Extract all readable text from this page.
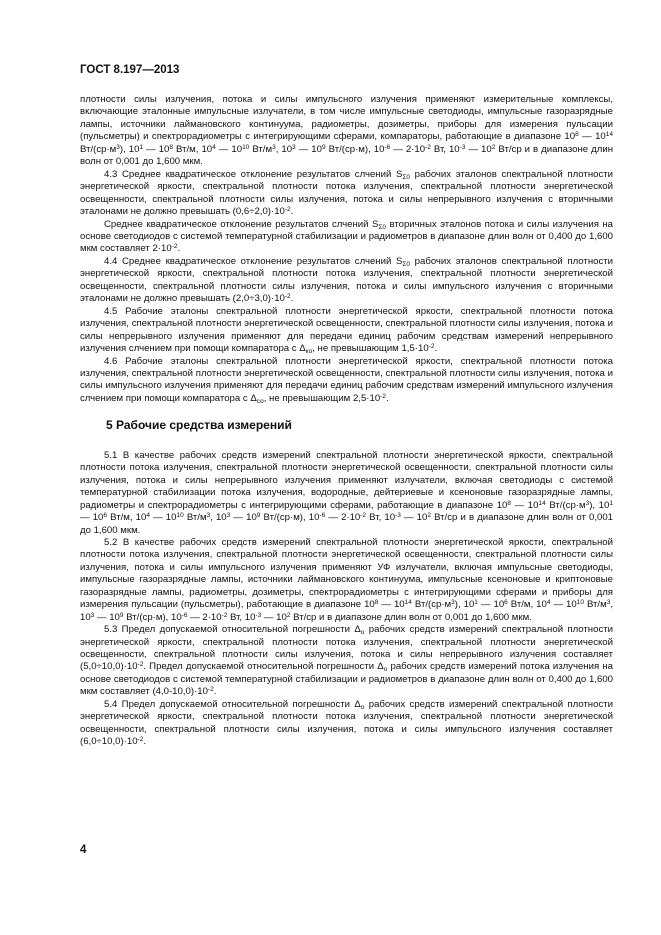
ГОСТ 8.197—2013

плотности силы излучения, потока и силы импульсного излучения применяют измерительные комплексы, включающие эталонные импульсные излучатели, в том числе импульсные светодиоды, импульсные газоразрядные лампы, источники лаймановского континуума, радиометры, дозиметры, приборы для измерения пульсации (пульсметры) и спектрорадиометры с интегрирующими сферами, компараторы, работающие в диапазоне $10^8$ — $10^{14}$ $Вт/(ср\cdot м^3)$, $10^1$ — $10^8$ Вт/м, $10^4$ — $10^{10}$ $Вт/м^3$, $10^3$ — $10^9$ Вт/(ср·м), $10^{-6}$ — $2\cdot 10^{-2}$ Вт, $10^{-3}$ — $10^2$ Вт/ср и в диапазоне длин волн от 0,001 до 1,600 мкм.

4.3 Среднее квадратическое отклонение результатов слчений $S_{\Sigma 0}$ рабочих эталонов спектральной плотности энергетической яркости, спектральной плотности потока излучения, спектральной плотности энергетической освещенности, спектральной плотности силы излучения, потока и силы непрерывного излучения с вторичными эталонами не должно превышать $(0,6\div 2,0)\cdot 10^{-2}$.

Среднее квадратическое отклонение результатов слчений $S_{\Sigma 0}$ вторичных эталонов потока и силы излучения на основе светодиодов с системой температурной стабилизации и радиометров в диапазоне длин волн от 0,400 до 1,600 мкм составляет $2\cdot 10^{-2}$.

4.4 Среднее квадратическое отклонение результатов слчений $S_{\Sigma 0}$ рабочих эталонов спектральной плотности энергетической яркости, спектральной плотности потока излучения, спектральной плотности энергетической освещенности, спектральной плотности силы излучения, потока и силы импульсного излучения с вторичными эталонами не должно превышать $(2,0\div 3,0)\cdot 10^{-2}$.

4.5 Рабочие эталоны спектральной плотности энергетической яркости, спектральной плотности потока излучения, спектральной плотности энергетической освещенности, спектральной плотности силы излучения, потока и силы непрерывного излучения применяют для передачи единиц рабочим средствам измерений непрерывного излучения слчением при помощи компаратора с $\Delta_{ко}$, не превышающим $1,5\cdot 10^{-2}$.

4.6 Рабочие эталоны спектральной плотности энергетической яркости, спектральной плотности потока излучения, спектральной плотности энергетической освещенности, спектральной плотности силы излучения, потока и силы импульсного излучения применяют для передачи единиц рабочим средствам измерений импульсного излучения слчением при помощи компаратора с $\Delta_{со}$, не превышающим $2,5\cdot 10^{-2}$.

5 Рабочие средства измерений

5.1 В качестве рабочих средств измерений спектральной плотности энергетической яркости, спектральной плотности потока излучения, спектральной плотности энергетической освещенности, спектральной плотности силы излучения, потока и силы непрерывного излучения применяют излучатели, включая светодиоды с системой температурной стабилизации потока излучения, водородные, дейтериевые и ксеноновые газоразрядные лампы, радиометры и спектрорадиометры с интегрирующими сферами, работающие в диапазоне $10^8$ — $10^{14}$ $Вт/(ср\cdot м^3)$, $10^1$ — $10^6$ Вт/м, $10^4$ — $10^{10}$ $Вт/м^3$, $10^3$ — $10^9$ Вт/(ср·м), $10^{-6}$ — $2\cdot 10^{-2}$ Вт, $10^{-3}$ — $10^2$ Вт/ср и в диапазоне длин волн от 0,001 до 1,600 мкм.

5.2 В качестве рабочих средств измерений спектральной плотности энергетической яркости, спектральной плотности потока излучения, спектральной плотности энергетической освещенности, спектральной плотности силы излучения, потока и силы импульсного излучения применяют УФ излучатели, включая импульсные светодиоды, импульсные газоразрядные лампы, источники лаймановского континуума, импульсные ксеноновые и криптоновые газоразрядные лампы, радиометры, дозиметры, спектрорадиометры с интегрирующими сферами и приборы для измерения пульсации (пульсметры), работающие в диапазоне $10^8$ — $10^{14}$ $Вт/(ср\cdot м^3)$, $10^1$ — $10^6$ Вт/м, $10^4$ — $10^{10}$ $Вт/м^3$, $10^3$ — $10^9$ Вт/(ср·м), $10^{-6}$ — $2\cdot 10^{-2}$ Вт, $10^{-3}$ — $10^2$ Вт/ср и в диапазоне длин волн от 0,001 до 1,600 мкм.

5.3 Предел допускаемой относительной погрешности $\Delta_о$ рабочих средств измерений спектральной плотности энергетической яркости, спектральной плотности потока излучения, спектральной плотности энергетической освещенности, спектральной плотности силы излучения, потока и силы непрерывного излучения составляет $(5,0\div 10,0)\cdot 10^{-2}$. Предел допускаемой относительной погрешности $\Delta_о$ рабочих средств измерений потока излучения на основе светодиодов с системой температурной стабилизации и радиометров в диапазоне длин волн от 0,400 до 1,600 мкм составляет $(4,0-10,0)\cdot 10^{-2}$.

5.4 Предел допускаемой относительной погрешности $\Delta_о$ рабочих средств измерений спектральной плотности энергетической яркости, спектральной плотности потока излучения, спектральной плотности энергетической освещенности, спектральной плотности силы излучения, потока и силы импульсного излучения составляет $(6,0\div 10,0)\cdot 10^{-2}$.

4
